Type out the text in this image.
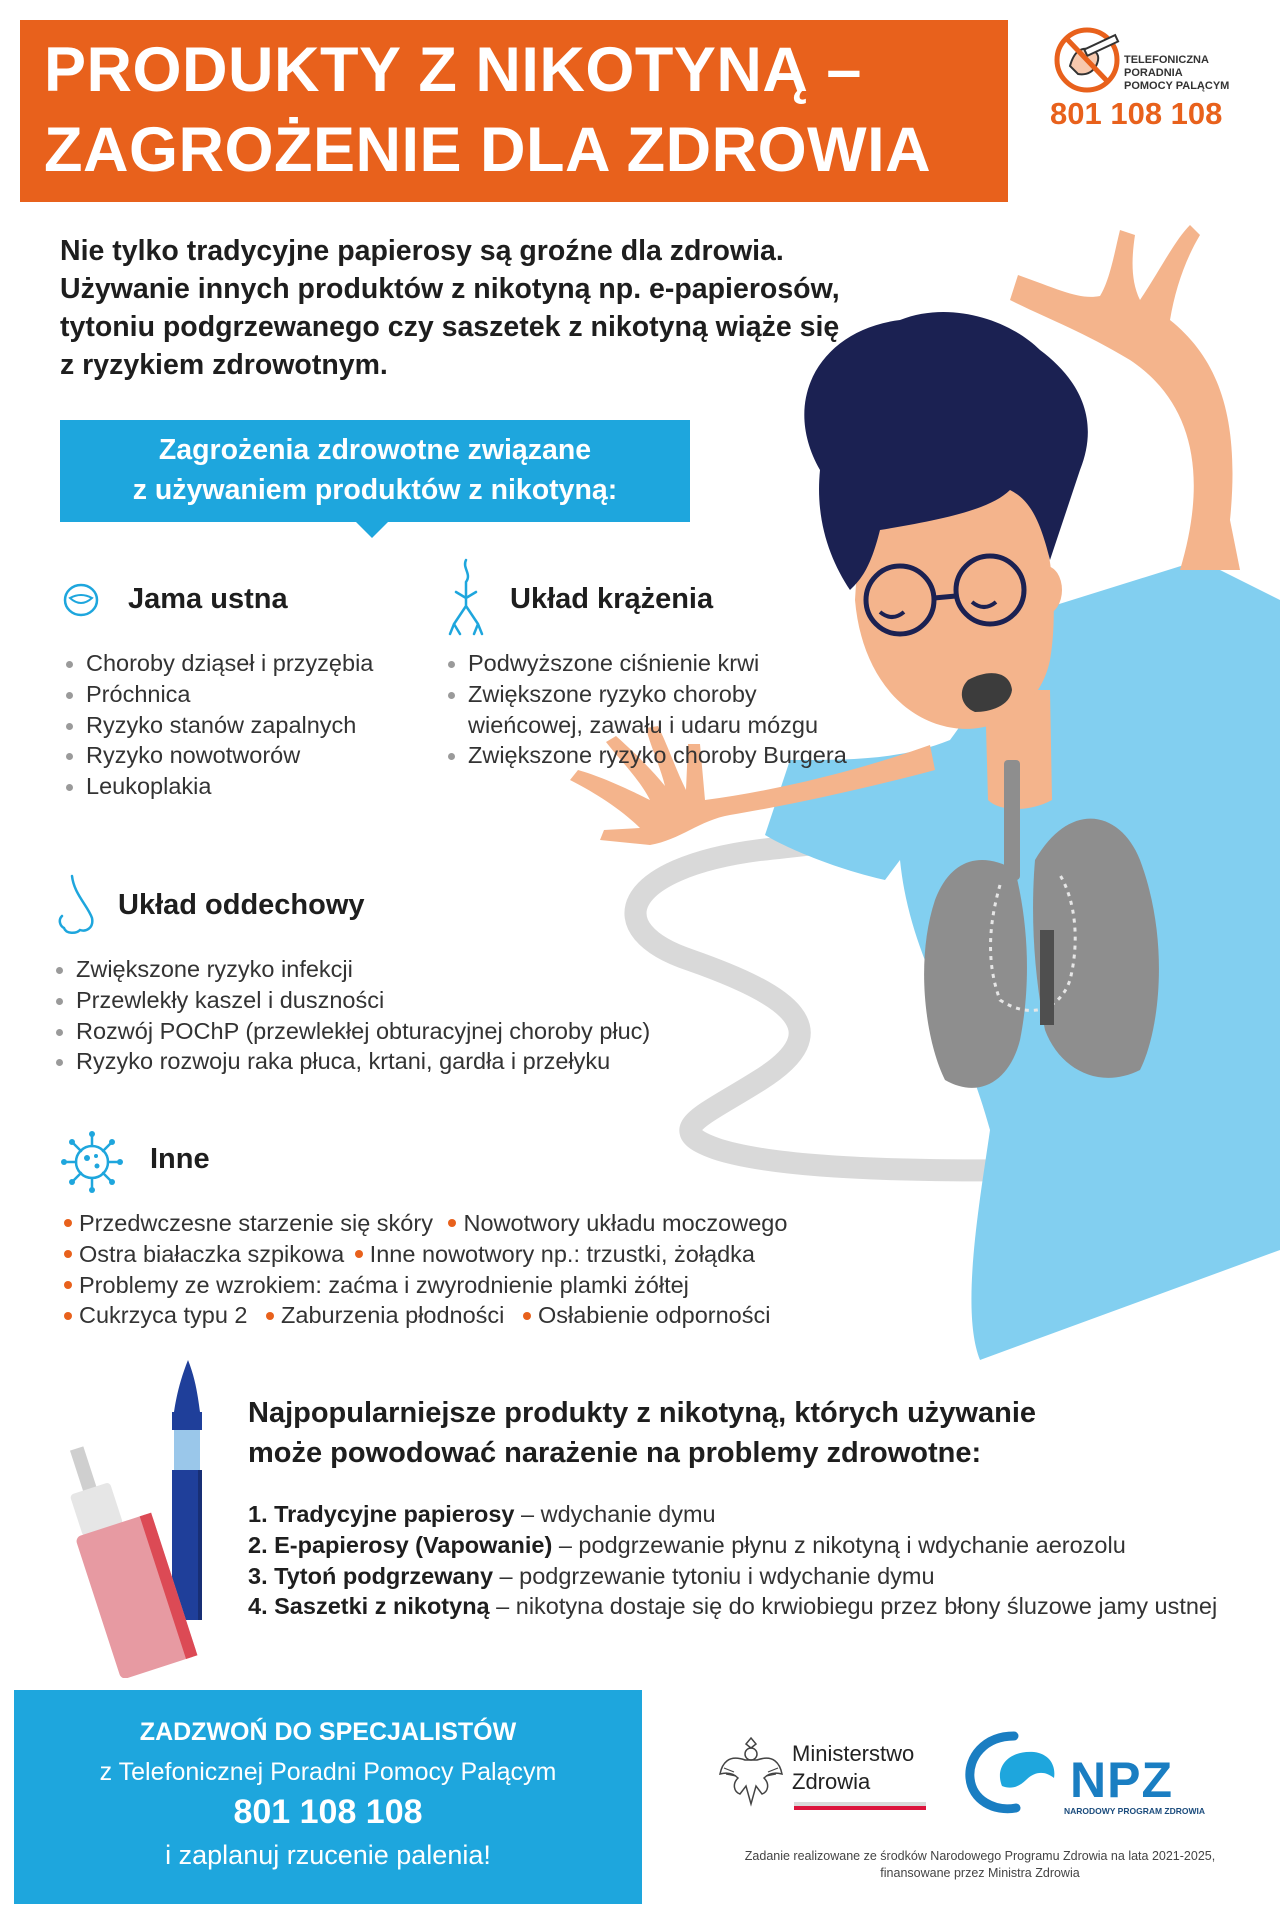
PRODUKTY Z NIKOTYNĄ –
ZAGROŻENIE DLA ZDROWIA
TELEFONICZNA
PORADNIA
POMOCY PALĄCYM
801 108 108
Nie tylko tradycyjne papierosy są groźne dla zdrowia.
Używanie innych produktów z nikotyną np. e-papierosów,
tytoniu podgrzewanego czy saszetek z nikotyną wiąże się
z ryzykiem zdrowotnym.
Zagrożenia zdrowotne związane
z używaniem produktów z nikotyną:
Jama ustna
Choroby dziąseł i przyzębia
Próchnica
Ryzyko stanów zapalnych
Ryzyko nowotworów
Leukoplakia
Układ krążenia
Podwyższone ciśnienie krwi
Zwiększone ryzyko choroby
wieńcowej, zawału i udaru mózgu
Zwiększone ryzyko choroby Burgera
Układ oddechowy
Zwiększone ryzyko infekcji
Przewlekły kaszel i duszności
Rozwój POChP (przewlekłej obturacyjnej choroby płuc)
Ryzyko rozwoju raka płuca, krtani, gardła i przełyku
Inne
Przedwczesne starzenie się skóry Nowotwory układu moczowego
Ostra białaczka szpikowa Inne nowotwory np.: trzustki, żołądka
Problemy ze wzrokiem: zaćma i zwyrodnienie plamki żółtej
Cukrzyca typu 2 Zaburzenia płodności Osłabienie odporności
Najpopularniejsze produkty z nikotyną, których używanie
może powodować narażenie na problemy zdrowotne:
1. Tradycyjne papierosy – wdychanie dymu
2. E-papierosy (Vapowanie) – podgrzewanie płynu z nikotyną i wdychanie aerozolu
3. Tytoń podgrzewany – podgrzewanie tytoniu i wdychanie dymu
4. Saszetki z nikotyną – nikotyna dostaje się do krwiobiegu przez błony śluzowe jamy ustnej
ZADZWOŃ DO SPECJALISTÓW
z Telefonicznej Poradni Pomocy Palącym
801 108 108
i zaplanuj rzucenie palenia!
Ministerstwo
Zdrowia	NPZ
NARODOWY PROGRAM ZDROWIA
Zadanie realizowane ze środków Narodowego Programu Zdrowia na lata 2021-2025,
finansowane przez Ministra Zdrowia
